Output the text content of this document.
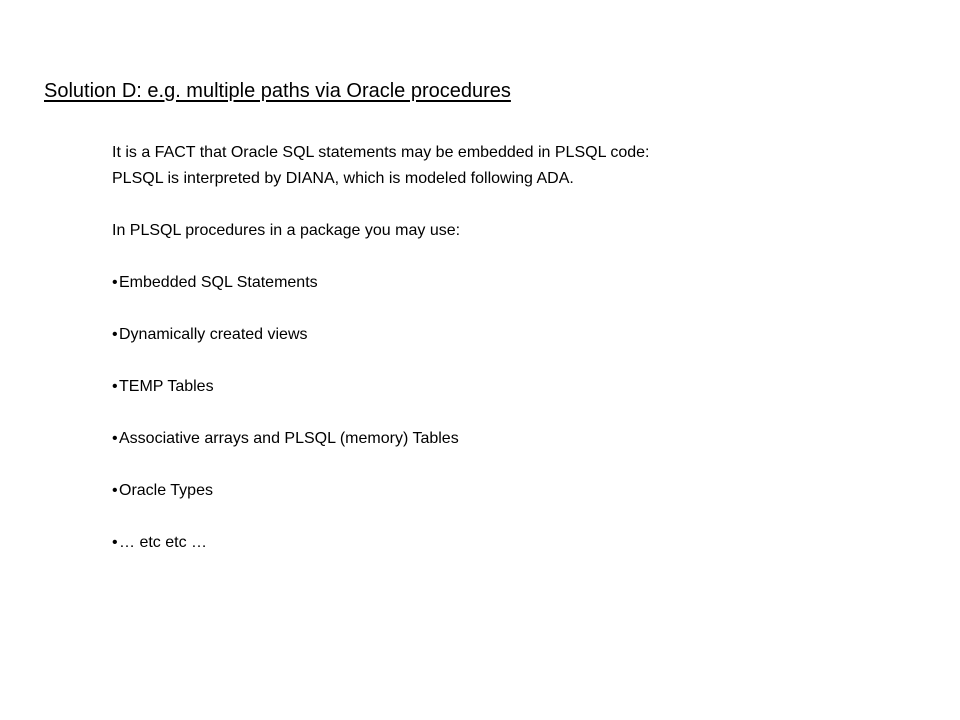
Solution D: e.g. multiple paths via Oracle procedures

It is a FACT that Oracle SQL statements may be embedded in PLSQL code:

PLSQL is interpreted by DIANA, which is modeled following ADA.

In PLSQL procedures in a package you may use:

•Embedded SQL Statements
•Dynamically created views
•TEMP Tables
•Associative arrays and PLSQL (memory) Tables
•Oracle Types
•… etc etc …
